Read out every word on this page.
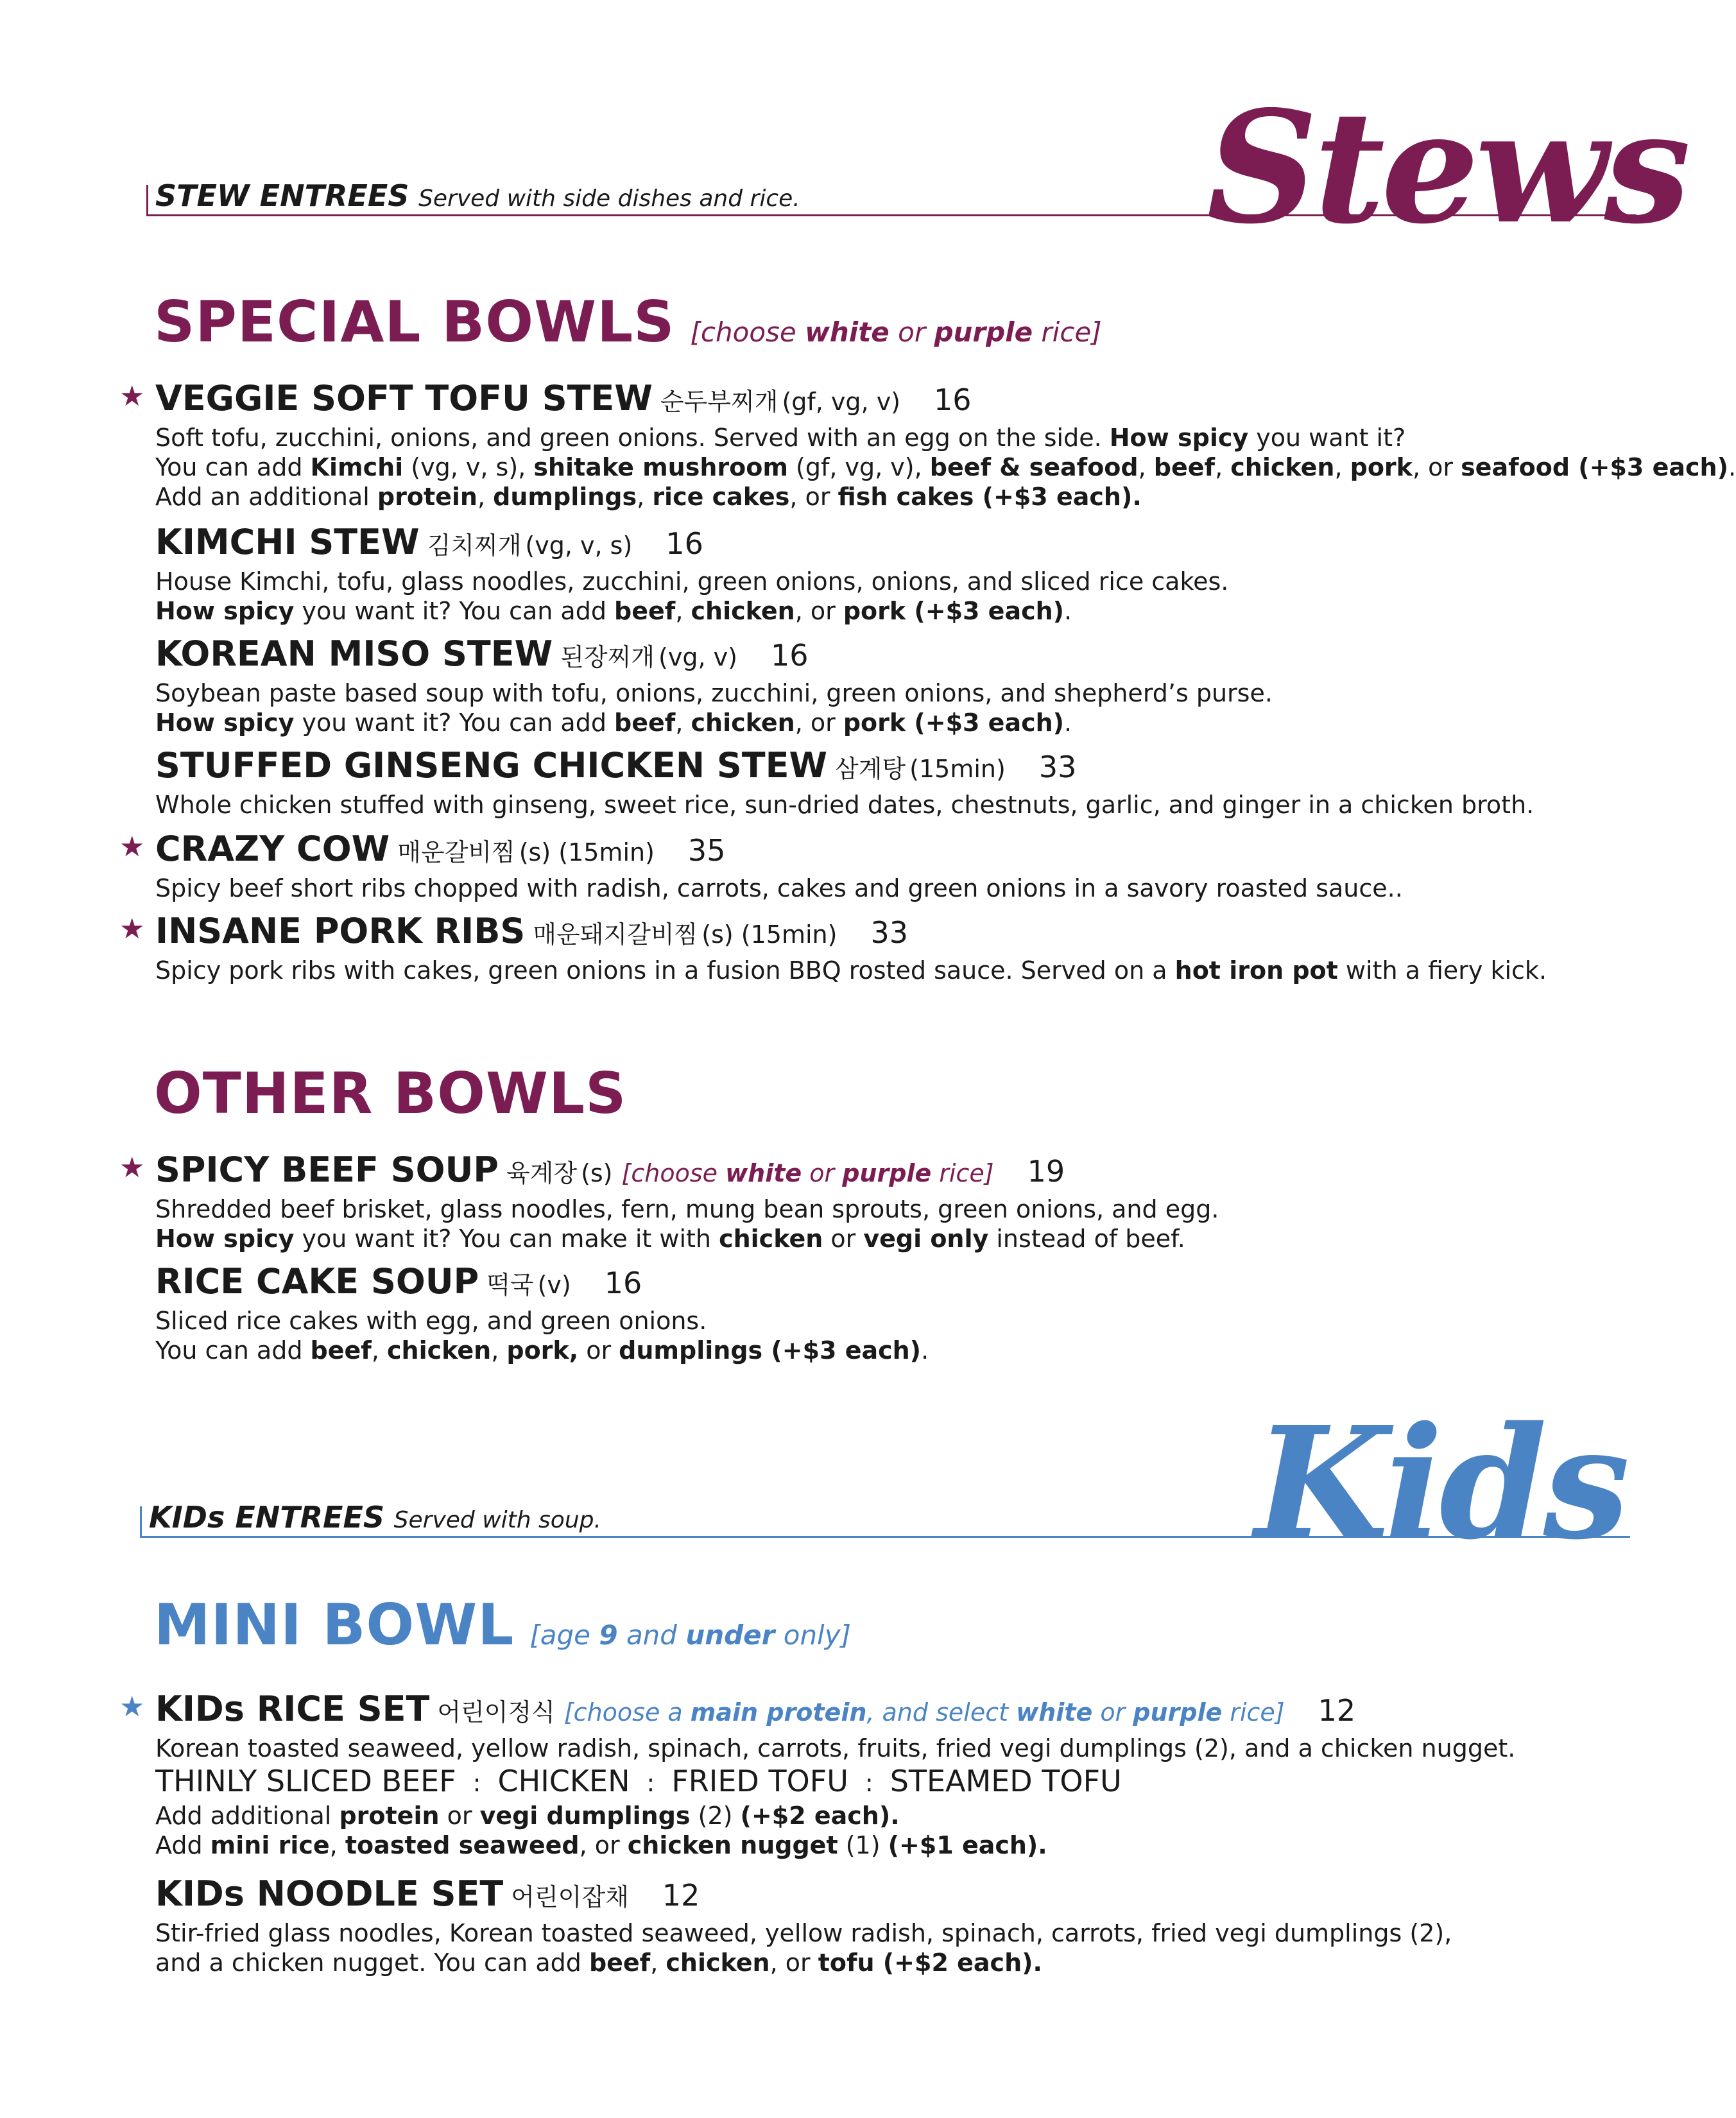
Stews
STEW ENTREES Served with side dishes and rice.
SPECIAL BOWLS [choose white or purple rice]
OTHER BOWLS
Kids
KIDs ENTREES Served with soup.
MINI BOWL [age 9 and under only]
★ KIDs RICE SET 어린이정식 [choose a main protein, and select white or purple rice] 12
Korean toasted seaweed, yellow radish, spinach, carrots, fruits, fried vegi dumplings (2), and a chicken nugget.
THINLY SLICED BEEF : CHICKEN : FRIED TOFU : STEAMED TOFU
Add additional protein or vegi dumplings (2) (+$2 each).
Add mini rice, toasted seaweed, or chicken nugget (1) (+$1 each).
KIDs NOODLE SET 어린이잡채 12
Stir-fried glass noodles, Korean toasted seaweed, yellow radish, spinach, carrots, fried vegi dumplings (2),
and a chicken nugget. You can add beef, chicken, or tofu (+$2 each).
★ VEGGIE SOFT TOFU STEW 순두부찌개 (gf, vg, v) 16
Soft tofu, zucchini, onions, and green onions. Served with an egg on the side. How spicy you want it?
You can add Kimchi (vg, v, s), shitake mushroom (gf, vg, v), beef & seafood, beef, chicken, pork, or seafood (+$3 each).
Add an additional protein, dumplings, rice cakes, or fish cakes (+$3 each).
KIMCHI STEW 김치찌개 (vg, v, s) 16
House Kimchi, tofu, glass noodles, zucchini, green onions, onions, and sliced rice cakes.
How spicy you want it? You can add beef, chicken, or pork (+$3 each).
KOREAN MISO STEW 된장찌개 (vg, v) 16
Soybean paste based soup with tofu, onions, zucchini, green onions, and shepherd’s purse.
How spicy you want it? You can add beef, chicken, or pork (+$3 each).
STUFFED GINSENG CHICKEN STEW 삼계탕 (15min) 33
Whole chicken stuffed with ginseng, sweet rice, sun-dried dates, chestnuts, garlic, and ginger in a chicken broth.
★ CRAZY COW 매운갈비찜 (s) (15min) 35
Spicy beef short ribs chopped with radish, carrots, cakes and green onions in a savory roasted sauce..
★ INSANE PORK RIBS 매운돼지갈비찜 (s) (15min) 33
Spicy pork ribs with cakes, green onions in a fusion BBQ rosted sauce. Served on a hot iron pot with a fiery kick.
★ SPICY BEEF SOUP 육계장 (s) [choose white or purple rice] 19
Shredded beef brisket, glass noodles, fern, mung bean sprouts, green onions, and egg.
How spicy you want it? You can make it with chicken or vegi only instead of beef.
RICE CAKE SOUP 떡국 (v) 16
Sliced rice cakes with egg, and green onions.
You can add beef, chicken, pork, or dumplings (+$3 each).
